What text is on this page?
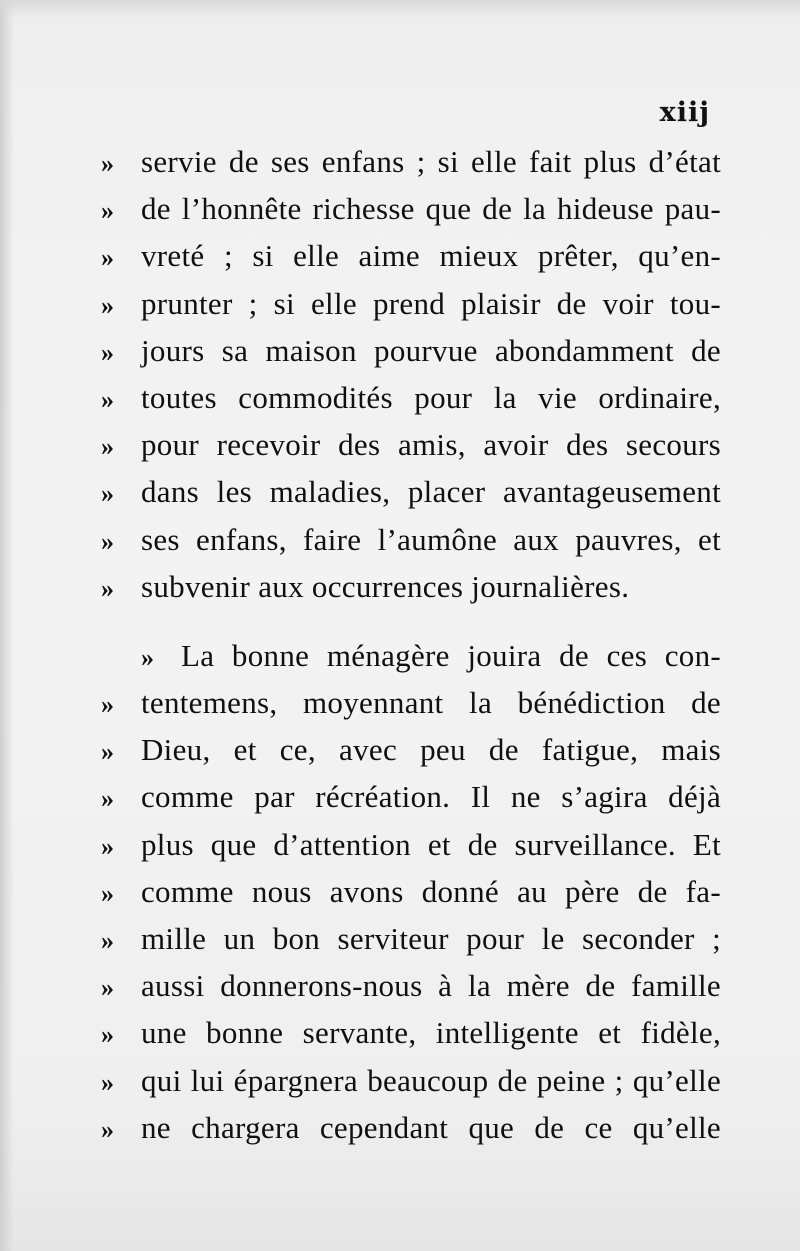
xiij
» servie de ses enfans ; si elle fait plus d’état
» de l’honnête richesse que de la hideuse pau-
» vreté ; si elle aime mieux prêter, qu’en-
» prunter ; si elle prend plaisir de voir tou-
» jours sa maison pourvue abondamment de
» toutes commodités pour la vie ordinaire,
» pour recevoir des amis, avoir des secours
» dans les maladies, placer avantageusement
» ses enfans, faire l’aumône aux pauvres, et
» subvenir aux occurrences journalières.
» La bonne ménagère jouira de ces con-
» tentemens, moyennant la bénédiction de
» Dieu, et ce, avec peu de fatigue, mais
» comme par récréation. Il ne s’agira déjà
» plus que d’attention et de surveillance. Et
» comme nous avons donné au père de fa-
» mille un bon serviteur pour le seconder ;
» aussi donnerons-nous à la mère de famille
» une bonne servante, intelligente et fidèle,
» qui lui épargnera beaucoup de peine ; qu’elle
» ne chargera cependant que de ce qu’elle
